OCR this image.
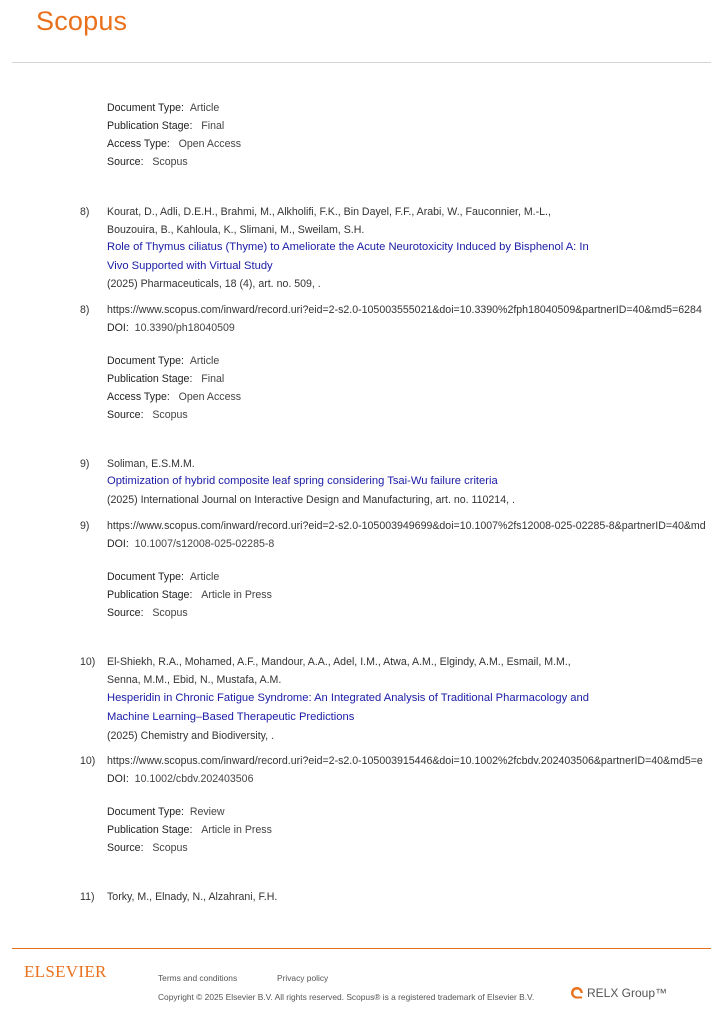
Scopus
Document Type: Article
Publication Stage: Final
Access Type: Open Access
Source: Scopus
8) Kourat, D., Adli, D.E.H., Brahmi, M., Alkholifi, F.K., Bin Dayel, F.F., Arabi, W., Fauconnier, M.-L.,
Bouzouira, B., Kahloula, K., Slimani, M., Sweilam, S.H.
Role of Thymus ciliatus (Thyme) to Ameliorate the Acute Neurotoxicity Induced by Bisphenol A: In
Vivo Supported with Virtual Study
(2025) Pharmaceuticals, 18 (4), art. no. 509, .
8) https://www.scopus.com/inward/record.uri?eid=2-s2.0-105003555021&doi=10.3390%2fph18040509&partnerID=40&md5=6284
DOI: 10.3390/ph18040509
Document Type: Article
Publication Stage: Final
Access Type: Open Access
Source: Scopus
9) Soliman, E.S.M.M.
Optimization of hybrid composite leaf spring considering Tsai-Wu failure criteria
(2025) International Journal on Interactive Design and Manufacturing, art. no. 110214, .
9) https://www.scopus.com/inward/record.uri?eid=2-s2.0-105003949699&doi=10.1007%2fs12008-025-02285-8&partnerID=40&md
DOI: 10.1007/s12008-025-02285-8
Document Type: Article
Publication Stage: Article in Press
Source: Scopus
10) El-Shiekh, R.A., Mohamed, A.F., Mandour, A.A., Adel, I.M., Atwa, A.M., Elgindy, A.M., Esmail, M.M.,
Senna, M.M., Ebid, N., Mustafa, A.M.
Hesperidin in Chronic Fatigue Syndrome: An Integrated Analysis of Traditional Pharmacology and
Machine Learning–Based Therapeutic Predictions
(2025) Chemistry and Biodiversity, .
10) https://www.scopus.com/inward/record.uri?eid=2-s2.0-105003915446&doi=10.1002%2fcbdv.202403506&partnerID=40&md5=e
DOI: 10.1002/cbdv.202403506
Document Type: Review
Publication Stage: Article in Press
Source: Scopus
11) Torky, M., Elnady, N., Alzahrani, F.H.
ELSEVIER	Terms and conditions	Privacy policy
Copyright © 2025 Elsevier B.V. All rights reserved. Scopus® is a registered trademark of Elsevier B.V.	RELX Group™
